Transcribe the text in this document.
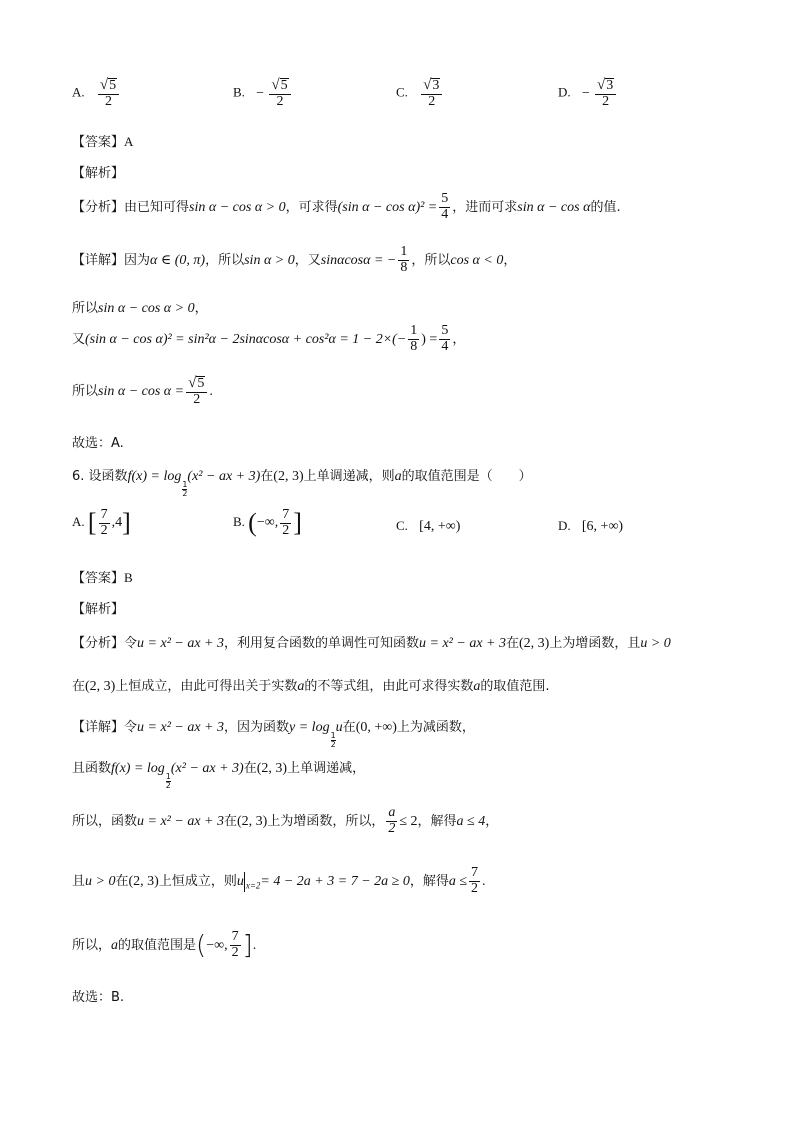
A. $\frac{√ 5}{2}$	B. − $\frac{√ 5}{2}$	C. $\frac{√ 3}{2}$	D. − $\frac{√ 3}{2}$
【答案】A
【解析】
【分析】由已知可得sin α − cos α > 0，可求得(sin $\alpha - \cos \alpha)^2 = \frac{5}{4}$ ，进而可求sin α − cos α的值.
【详解】因为α ∈ (0, π)，所以sin α > 0，又sinαcosα = − $\frac{1}{8}$ ，所以cos α < 0，
所以sin α − cos α > 0，
又(sin $\alpha - \cos \alpha)^2 = \sin^2\alpha - 2\sin\alpha\cos\alpha + \cos^2\alpha = 1 - 2\times(- \frac{1}{8}$ ) = $\frac{5}{4}$ ，
所以$\sin \alpha - \cos \alpha = \frac{√ 5}{2}$ .
故选：A.
6. 设函数f(x) = log
$\frac{1}{2}$
(x² − ax + 3)在(2, 3)上单调递减，则a的取值范围是（　　）
A. [ $\frac{7}{2} ,4$]	B. (−∞, $\frac{7}{2}$ ]	C. [4, +∞)	D. [6, +∞)
【答案】B
【解析】
【分析】令u = x² − ax + 3，利用复合函数的单调性可知函数u = x² − ax + 3在(2, 3)上为增函数，且u > 0
在(2, 3)上恒成立，由此可得出关于实数a的不等式组，由此可求得实数a的取值范围.
【详解】令u = x² − ax + 3，因为函数y = log
$\frac{1}{2}$
u在(0, +∞)上为减函数，
且函数f(x) = log
$\frac{1}{2}$
(x² − ax + 3)在(2, 3)上单调递减，
所以，函数u = x² − ax + 3在(2, 3)上为增函数，所以， $\frac{a}{2} \le 2$，解得a ≤ 4，
且u > 0在(2, 3)上恒成立，则u $_{x=2}$= 4 − 2a + 3 = 7 − 2a ≥ 0，解得$a \le \frac{7}{2}$ .
所以，a的取值范围是(−∞, $\frac{7}{2}$ ].
故选：B.
